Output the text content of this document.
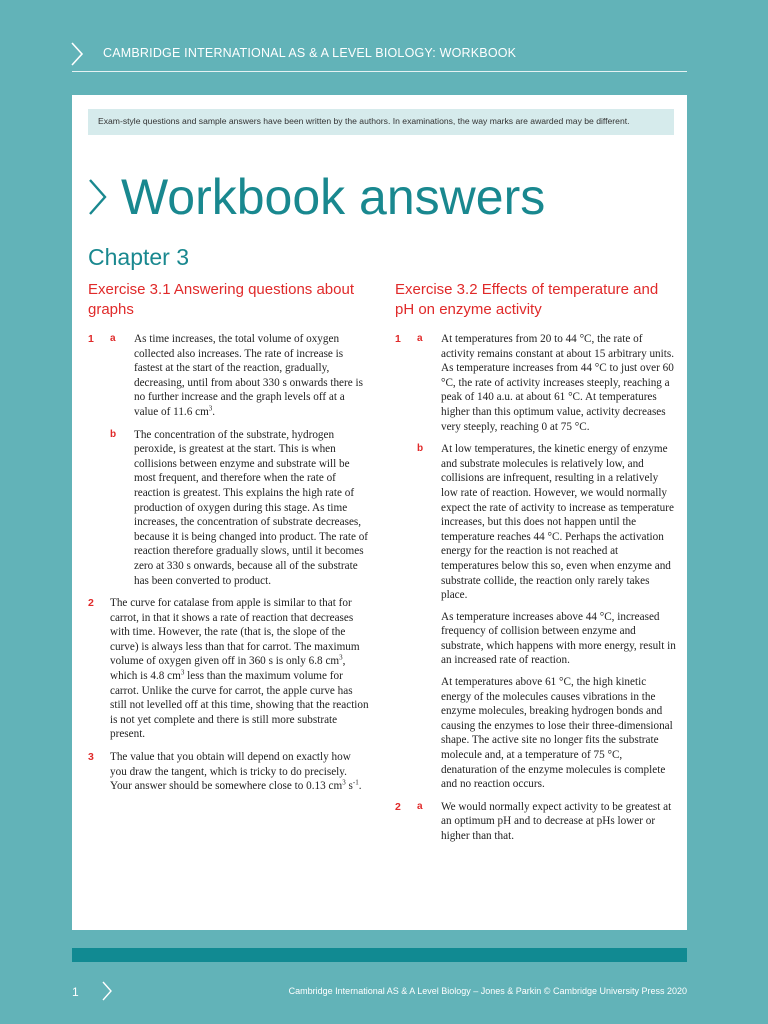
CAMBRIDGE INTERNATIONAL AS & A LEVEL BIOLOGY: WORKBOOK
Exam-style questions and sample answers have been written by the authors. In examinations, the way marks are awarded may be different.
Workbook answers
Chapter 3
Exercise 3.1 Answering questions about graphs
1 a As time increases, the total volume of oxygen collected also increases. The rate of increase is fastest at the start of the reaction, gradually, decreasing, until from about 330 s onwards there is no further increase and the graph levels off at a value of 11.6 $cm^3$.
b The concentration of the substrate, hydrogen peroxide, is greatest at the start. This is when collisions between enzyme and substrate will be most frequent, and therefore when the rate of reaction is greatest. This explains the high rate of production of oxygen during this stage. As time increases, the concentration of substrate decreases, because it is being changed into product. The rate of reaction therefore gradually slows, until it becomes zero at 330 s onwards, because all of the substrate has been converted to product.
2 The curve for catalase from apple is similar to that for carrot, in that it shows a rate of reaction that decreases with time. However, the rate (that is, the slope of the curve) is always less than that for carrot. The maximum volume of oxygen given off in 360 s is only 6.8 $cm^3$, which is 4.8 $cm^3$ less than the maximum volume for carrot. Unlike the curve for carrot, the apple curve has still not levelled off at this time, showing that the reaction is not yet complete and there is still more substrate present.
3 The value that you obtain will depend on exactly how you draw the tangent, which is tricky to do precisely. Your answer should be somewhere close to 0.13 $cm^3$ $s^{-1}$.
Exercise 3.2 Effects of temperature and pH on enzyme activity
1 a At temperatures from 20 to 44 °C, the rate of activity remains constant at about 15 arbitrary units. As temperature increases from 44 °C to just over 60 °C, the rate of activity increases steeply, reaching a peak of 140 a.u. at about 61 °C. At temperatures higher than this optimum value, activity decreases very steeply, reaching 0 at 75 °C.
b At low temperatures, the kinetic energy of enzyme and substrate molecules is relatively low, and collisions are infrequent, resulting in a relatively low rate of reaction. However, we would normally expect the rate of activity to increase as temperature increases, but this does not happen until the temperature reaches 44 °C. Perhaps the activation energy for the reaction is not reached at temperatures below this so, even when enzyme and substrate collide, the reaction only rarely takes place.
As temperature increases above 44 °C, increased frequency of collision between enzyme and substrate, which happens with more energy, result in an increased rate of reaction.
At temperatures above 61 °C, the high kinetic energy of the molecules causes vibrations in the enzyme molecules, breaking hydrogen bonds and causing the enzymes to lose their three-dimensional shape. The active site no longer fits the substrate molecule and, at a temperature of 75 °C, denaturation of the enzyme molecules is complete and no reaction occurs.
2 a We would normally expect activity to be greatest at an optimum pH and to decrease at pHs lower or higher than that.
1	Cambridge International AS & A Level Biology – Jones & Parkin © Cambridge University Press 2020
